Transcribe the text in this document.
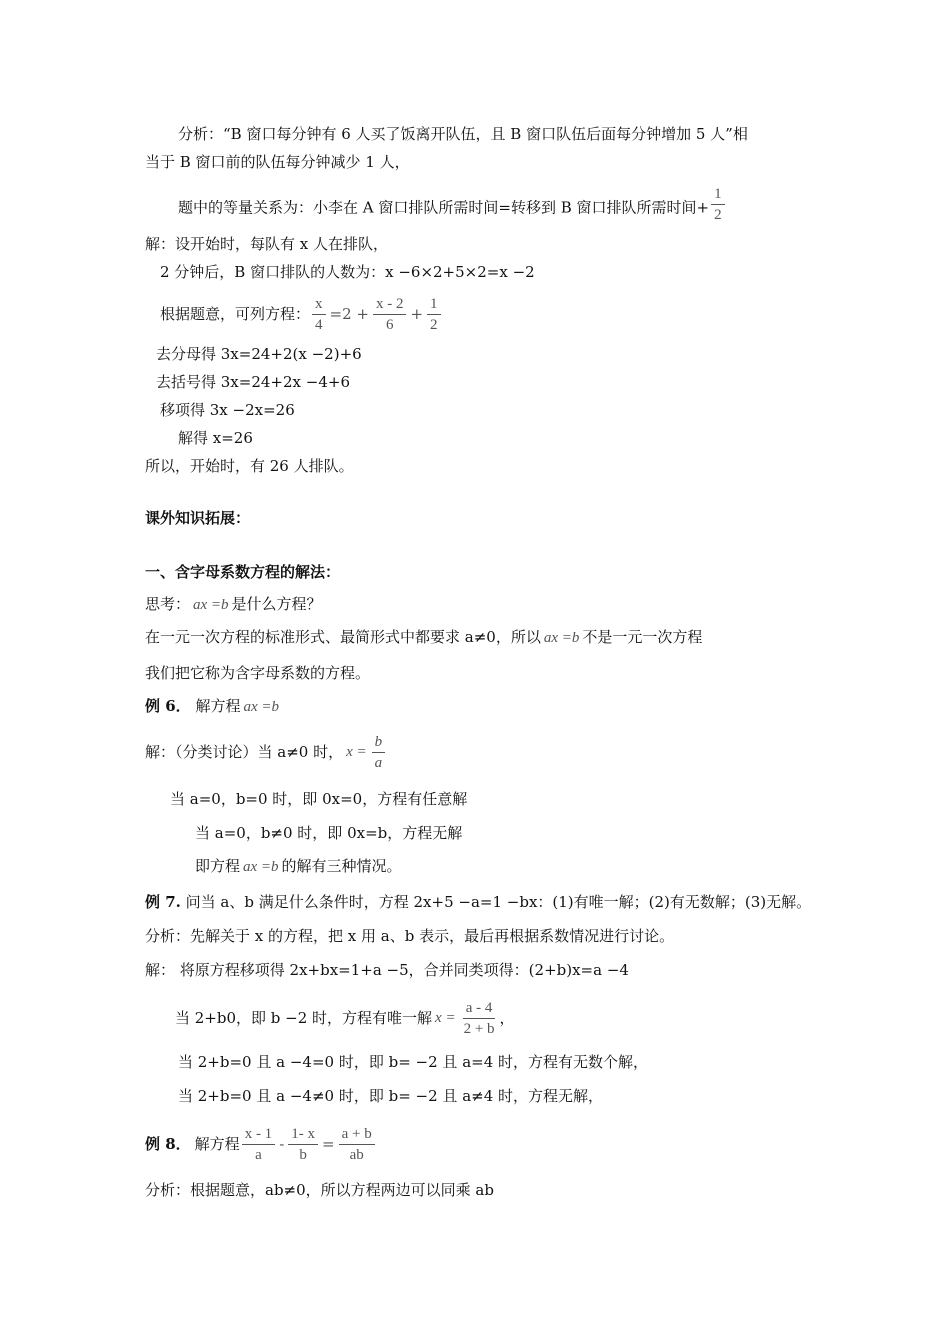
分析：“B 窗口每分钟有 6 人买了饭离开队伍，且 B 窗口队伍后面每分钟增加 5 人”相
当于 B 窗口前的队伍每分钟减少 1 人，
题中的等量关系为：小李在 A 窗口排队所需时间=转移到 B 窗口排队所需时间+ $\frac{1}{2}$
解：设开始时，每队有 x 人在排队，
2 分钟后，B 窗口排队的人数为：x −6×2+5×2=x −2
根据题意，可列方程： $\frac{x}{4} =2 + \frac{x - 2}{6} + \frac{1}{2}$
去分母得 3x=24+2(x −2)+6
去括号得 3x=24+2x −4+6
移项得 3x −2x=26
解得 x=26
所以，开始时，有 26 人排队。
课外知识拓展：
一、含字母系数方程的解法：
思考： ax =b 是什么方程？
在一元一次方程的标准形式、最简形式中都要求 a≠0，所以 ax =b 不是一元一次方程
我们把它称为含字母系数的方程。
例 6． 解方程 ax =b
解：（分类讨论）当 a≠0 时， $x = \frac{b}{a}$
当 a=0，b=0 时，即 0x=0，方程有任意解
当 a=0，b≠0 时，即 0x=b，方程无解
即方程 ax =b 的解有三种情况。
例 7. 问当 a、b 满足什么条件时，方程 2x+5 −a=1 −bx：(1)有唯一解；(2)有无数解；(3)无解。
分析：先解关于 x 的方程，把 x 用 a、b 表示，最后再根据系数情况进行讨论。
解： 将原方程移项得 2x+bx=1+a −5，合并同类项得：(2+b)x=a −4
当 2+b0，即 b −2 时，方程有唯一解 $x = \frac{a - 4}{2 + b}$ ，
当 2+b=0 且 a −4=0 时，即 b= −2 且 a=4 时，方程有无数个解，
当 2+b=0 且 a −4≠0 时，即 b= −2 且 a≠4 时，方程无解，
例 8． 解方程 $\frac{x - 1}{a} - \frac{1- x}{b} = \frac{a + b}{ab}$
分析：根据题意，ab≠0，所以方程两边可以同乘 ab
